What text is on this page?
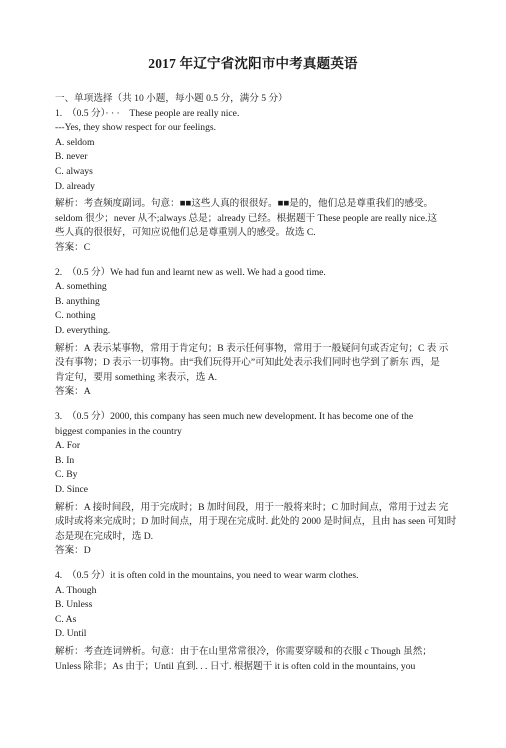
2017 年辽宁省沈阳市中考真题英语
一、单项选择（共 10 小题，每小题 0.5 分，满分 5 分）
1.　（0.5 分）· · ·　These people are really nice.
---Yes, they show respect for our feelings.
A. seldom
B. never
C. always
D. already
解析：考查频度副词。句意：■■这些人真的很很好。■■是的，他们总是尊重我们的感受。
seldom 很少；never 从不;always 总是；already 已经。根据题干 These people are really nice.这
些人真的很很好，可知应说他们总是尊重别人的感受。故选 C.
答案：C
2.　（0.5 分）We had fun and learnt new as well. We had a good time.
A. something
B. anything
C. nothing
D. everything.
解析：A 表示某事物，常用于肯定句；B 表示任何事物，常用于一般疑问句或否定句；C 表 示
没有事物；D 表示一切事物。由“我们玩得开心”可知此处表示我们同时也学到了新东 西，是
肯定句，要用 something 来表示，选 A.
答案：A
3.　（0.5 分）2000, this company has seen much new development. It has become one of the
biggest companies in the country
A. For
B. In
C. By
D. Since
解析：A 接时间段，用于完成时；B 加时间段，用于一般将来时；C 加时间点，常用于过去 完
成时或将来完成时；D 加时间点，用于现在完成时. 此处的 2000 是时间点，且由 has seen 可知时
态是现在完成时，选 D.
答案：D
4.　（0.5 分）it is often cold in the mountains, you need to wear warm clothes.
A. Though
B. Unless
C. As
D. Until
解析：考查连词辨析。句意：由于在山里常常很冷，你需要穿暖和的衣服 c Though 虽然；
Unless 除非；As 由于；Until 直到. . . 日寸. 根据题干 it is often cold in the mountains, you
